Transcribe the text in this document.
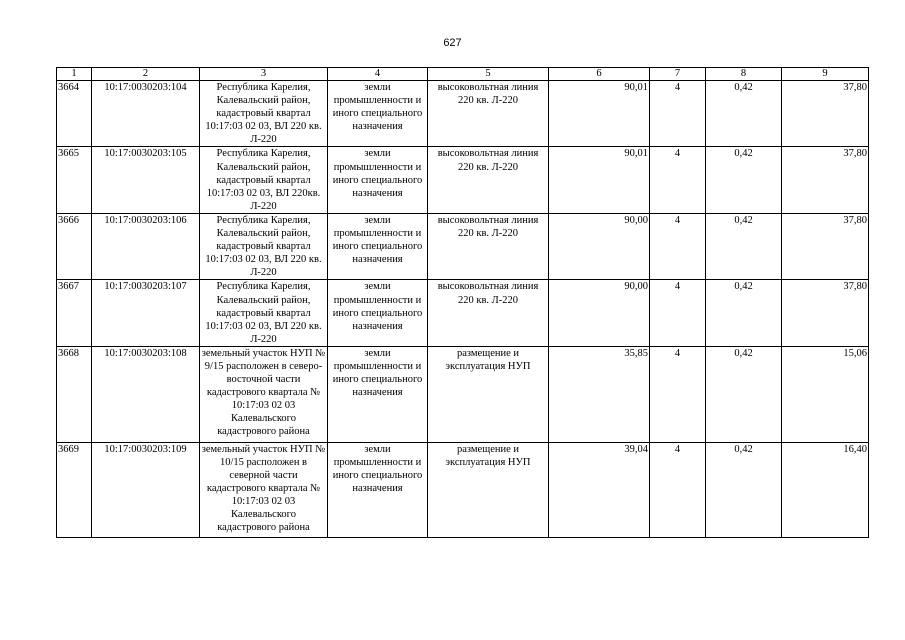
627
1	2	3	4	5	6	7	8	9
3664	10:17:0030203:104	Республика Карелия, Калевальский район, кадастровый квартал 10:17:03 02 03, ВЛ 220 кв. Л-220	земли промышленности и иного специального назначения	высоковольтная линия 220 кв. Л-220	90,01	4	0,42	37,80
3665	10:17:0030203:105	Республика Карелия, Калевальский район, кадастровый квартал 10:17:03 02 03, ВЛ 220кв. Л-220	земли промышленности и иного специального назначения	высоковольтная линия 220 кв. Л-220	90,01	4	0,42	37,80
3666	10:17:0030203:106	Республика Карелия, Калевальский район, кадастровый квартал 10:17:03 02 03, ВЛ 220 кв. Л-220	земли промышленности и иного специального назначения	высоковольтная линия 220 кв. Л-220	90,00	4	0,42	37,80
3667	10:17:0030203:107	Республика Карелия, Калевальский район, кадастровый квартал 10:17:03 02 03, ВЛ 220 кв. Л-220	земли промышленности и иного специального назначения	высоковольтная линия 220 кв. Л-220	90,00	4	0,42	37,80
3668	10:17:0030203:108	земельный участок НУП № 9/15 расположен в северо-восточной части кадастрового квартала № 10:17:03 02 03 Калевальского кадастрового района	земли промышленности и иного специального назначения	размещение и эксплуатация НУП	35,85	4	0,42	15,06
3669	10:17:0030203:109	земельный участок НУП № 10/15 расположен в северной части кадастрового квартала № 10:17:03 02 03 Калевальского кадастрового района	земли промышленности и иного специального назначения	размещение и эксплуатация НУП	39,04	4	0,42	16,40
